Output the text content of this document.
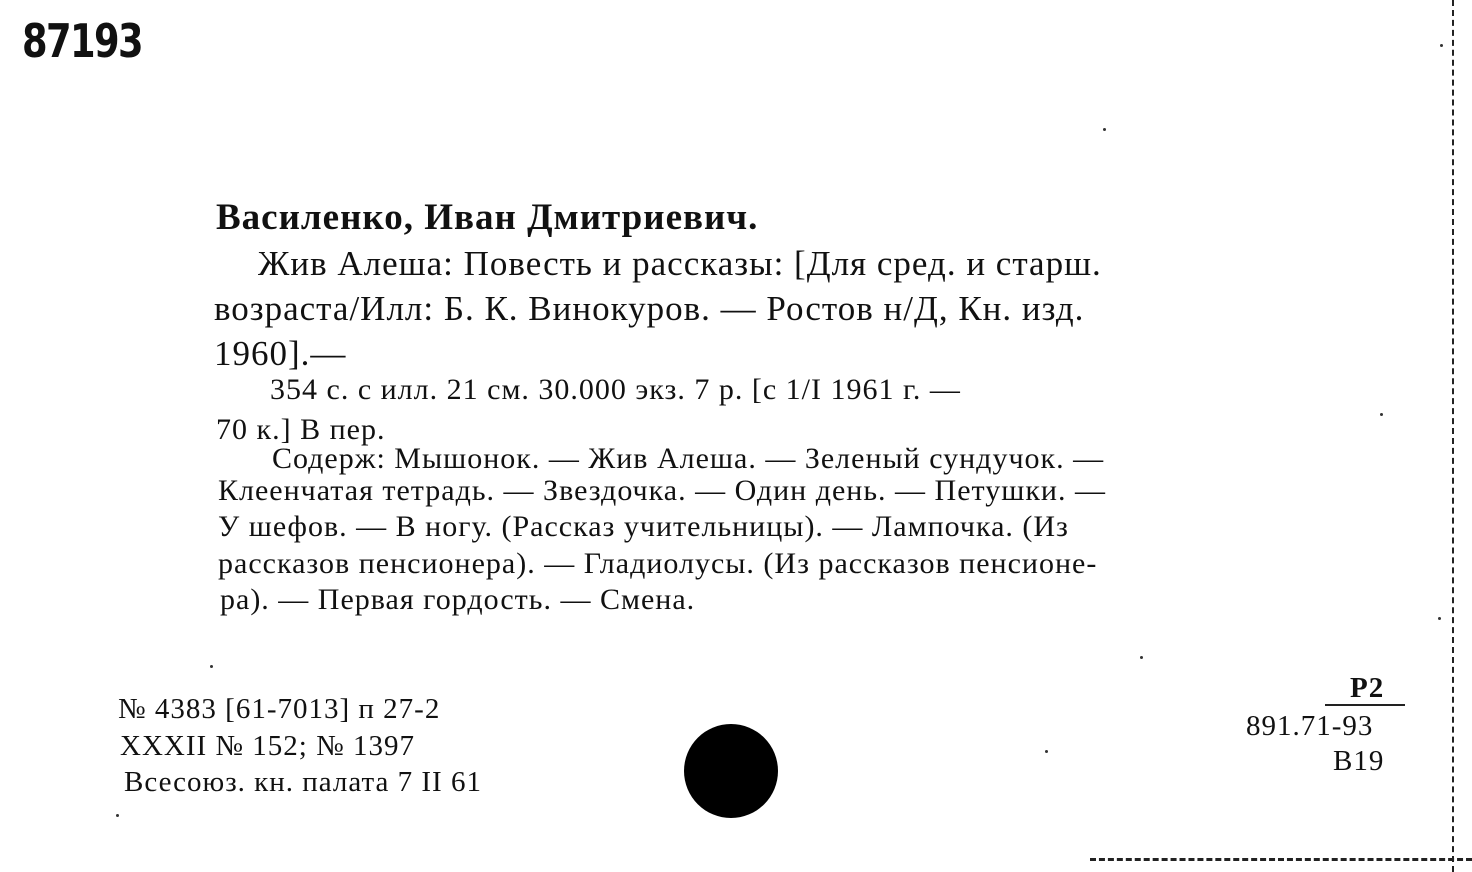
87193
Василенко, Иван Дмитриевич.
Жив Алеша: Повесть и рассказы: [Для сред. и старш.
возраста/Илл: Б. К. Винокуров. — Ростов н/Д, Кн. изд.
1960].—
354 с. с илл. 21 см. 30.000 экз. 7 р. [с 1/I 1961 г. —
70 к.] В пер.
Содерж: Мышонок. — Жив Алеша. — Зеленый сундучок. —
Клеенчатая тетрадь. — Звездочка. — Один день. — Петушки. —
У шефов. — В ногу. (Рассказ учительницы). — Лампочка. (Из
рассказов пенсионера). — Гладиолусы. (Из рассказов пенсионе-
ра). — Первая гордость. — Смена.
№ 4383 [61-7013] п 27-2
XXXII № 152; № 1397
Всесоюз. кн. палата 7 II 61
P2
891.71-93
В19
